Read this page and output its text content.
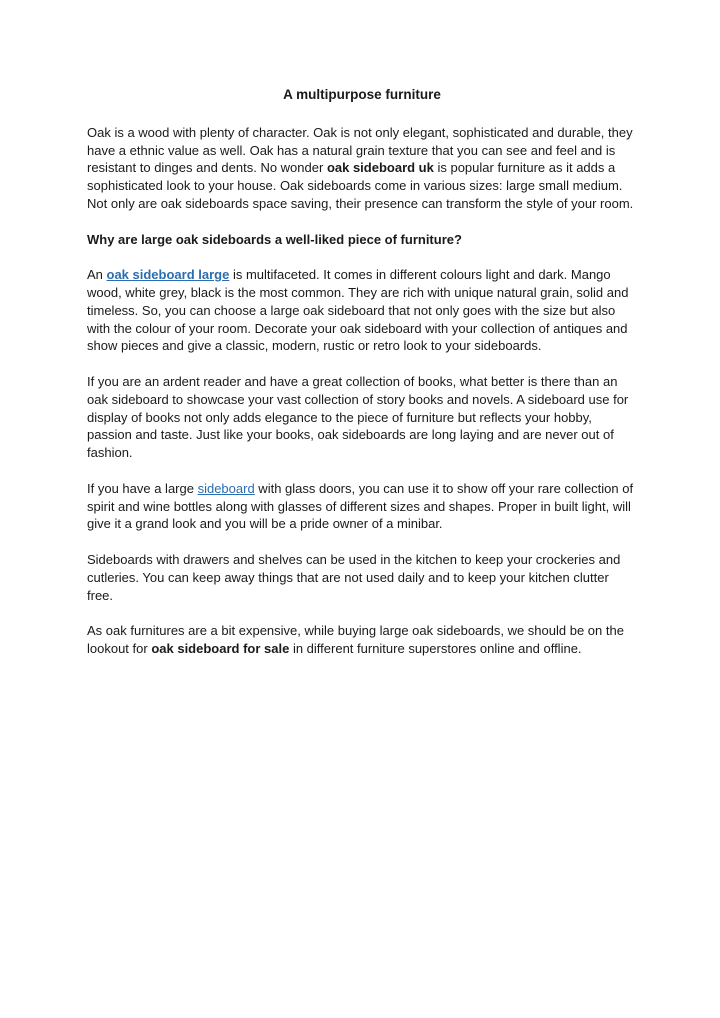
A multipurpose furniture

Oak is a wood with plenty of character. Oak is not only elegant, sophisticated and durable, they have a ethnic value as well. Oak has a natural grain texture that you can see and feel and is resistant to dinges and dents. No wonder oak sideboard uk is popular furniture as it adds a sophisticated look to your house. Oak sideboards come in various sizes: large small medium. Not only are oak sideboards space saving, their presence can transform the style of your room.

Why are large oak sideboards a well-liked piece of furniture?

An oak sideboard large is multifaceted. It comes in different colours light and dark. Mango wood, white grey, black is the most common. They are rich with unique natural grain, solid and timeless. So, you can choose a large oak sideboard that not only goes with the size but also with the colour of your room. Decorate your oak sideboard with your collection of antiques and show pieces and give a classic, modern, rustic or retro look to your sideboards.

If you are an ardent reader and have a great collection of books, what better is there than an oak sideboard to showcase your vast collection of story books and novels. A sideboard use for display of books not only adds elegance to the piece of furniture but reflects your hobby, passion and taste. Just like your books, oak sideboards are long laying and are never out of fashion.

If you have a large sideboard with glass doors, you can use it to show off your rare collection of spirit and wine bottles along with glasses of different sizes and shapes. Proper in built light, will give it a grand look and you will be a pride owner of a minibar.

Sideboards with drawers and shelves can be used in the kitchen to keep your crockeries and cutleries. You can keep away things that are not used daily and to keep your kitchen clutter free.

As oak furnitures are a bit expensive, while buying large oak sideboards, we should be on the lookout for oak sideboard for sale in different furniture superstores online and offline.
